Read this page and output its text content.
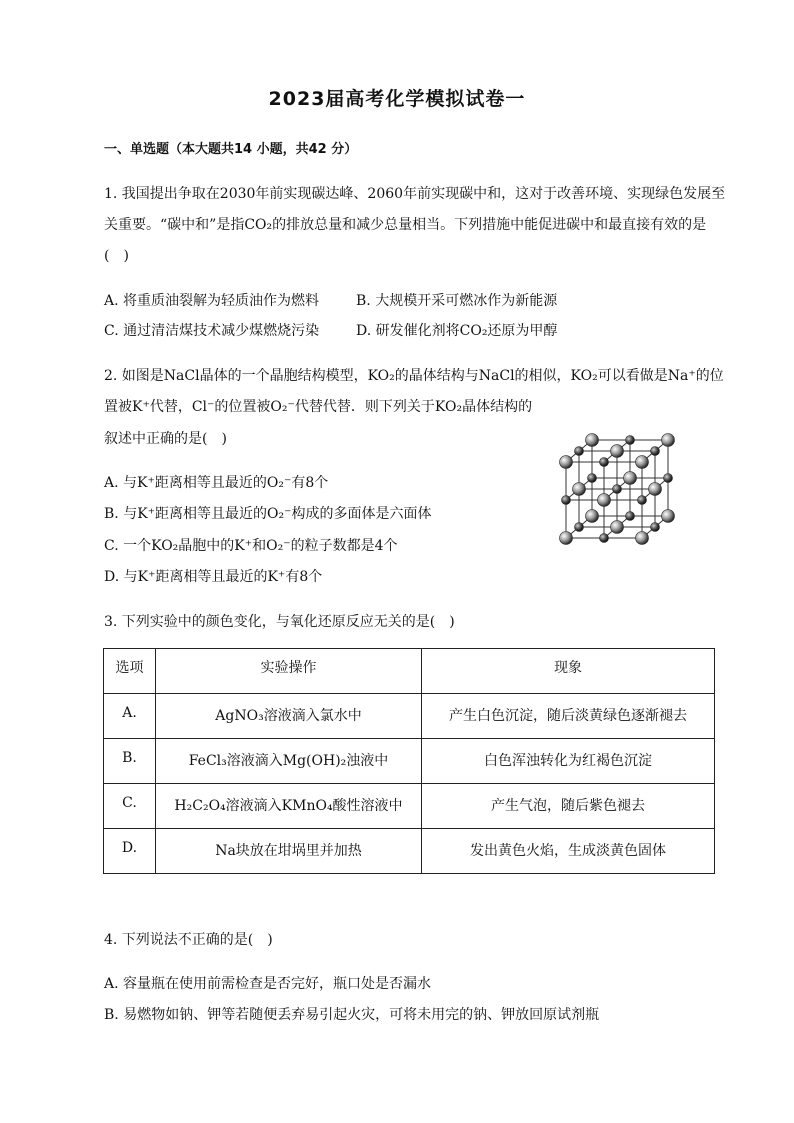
2023届高考化学模拟试卷一
一、单选题（本大题共14 小题，共42 分）
1. 我国提出争取在2030年前实现碳达峰、2060年前实现碳中和，这对于改善环境、实现绿色发展至
关重要。“碳中和”是指CO₂的排放总量和减少总量相当。下列措施中能促进碳中和最直接有效的是
(　)
A. 将重质油裂解为轻质油作为燃料	B. 大规模开采可燃冰作为新能源
C. 通过清洁煤技术减少煤燃烧污染	D. 研发催化剂将CO₂还原为甲醇
2. 如图是NaCl晶体的一个晶胞结构模型，KO₂的晶体结构与NaCl的相似，KO₂可以看做是Na⁺的位
置被K⁺代替，Cl⁻的位置被O₂⁻代替代替．则下列关于KO₂晶体结构的
叙述中正确的是(　)
A. 与K⁺距离相等且最近的O₂⁻有8个
B. 与K⁺距离相等且最近的O₂⁻构成的多面体是六面体
C. 一个KO₂晶胞中的K⁺和O₂⁻的粒子数都是4个
D. 与K⁺距离相等且最近的K⁺有8个
3. 下列实验中的颜色变化，与氧化还原反应无关的是(　)
选项	实验操作	现象
A.	AgNO₃溶液滴入氯水中	产生白色沉淀，随后淡黄绿色逐渐褪去
B.	FeCl₃溶液滴入Mg(OH)₂浊液中	白色浑浊转化为红褐色沉淀
C.	H₂C₂O₄溶液滴入KMnO₄酸性溶液中	产生气泡，随后紫色褪去
D.	Na块放在坩埚里并加热	发出黄色火焰，生成淡黄色固体
4. 下列说法不正确的是(　)
A. 容量瓶在使用前需检查是否完好，瓶口处是否漏水
B. 易燃物如钠、钾等若随便丢弃易引起火灾，可将未用完的钠、钾放回原试剂瓶
